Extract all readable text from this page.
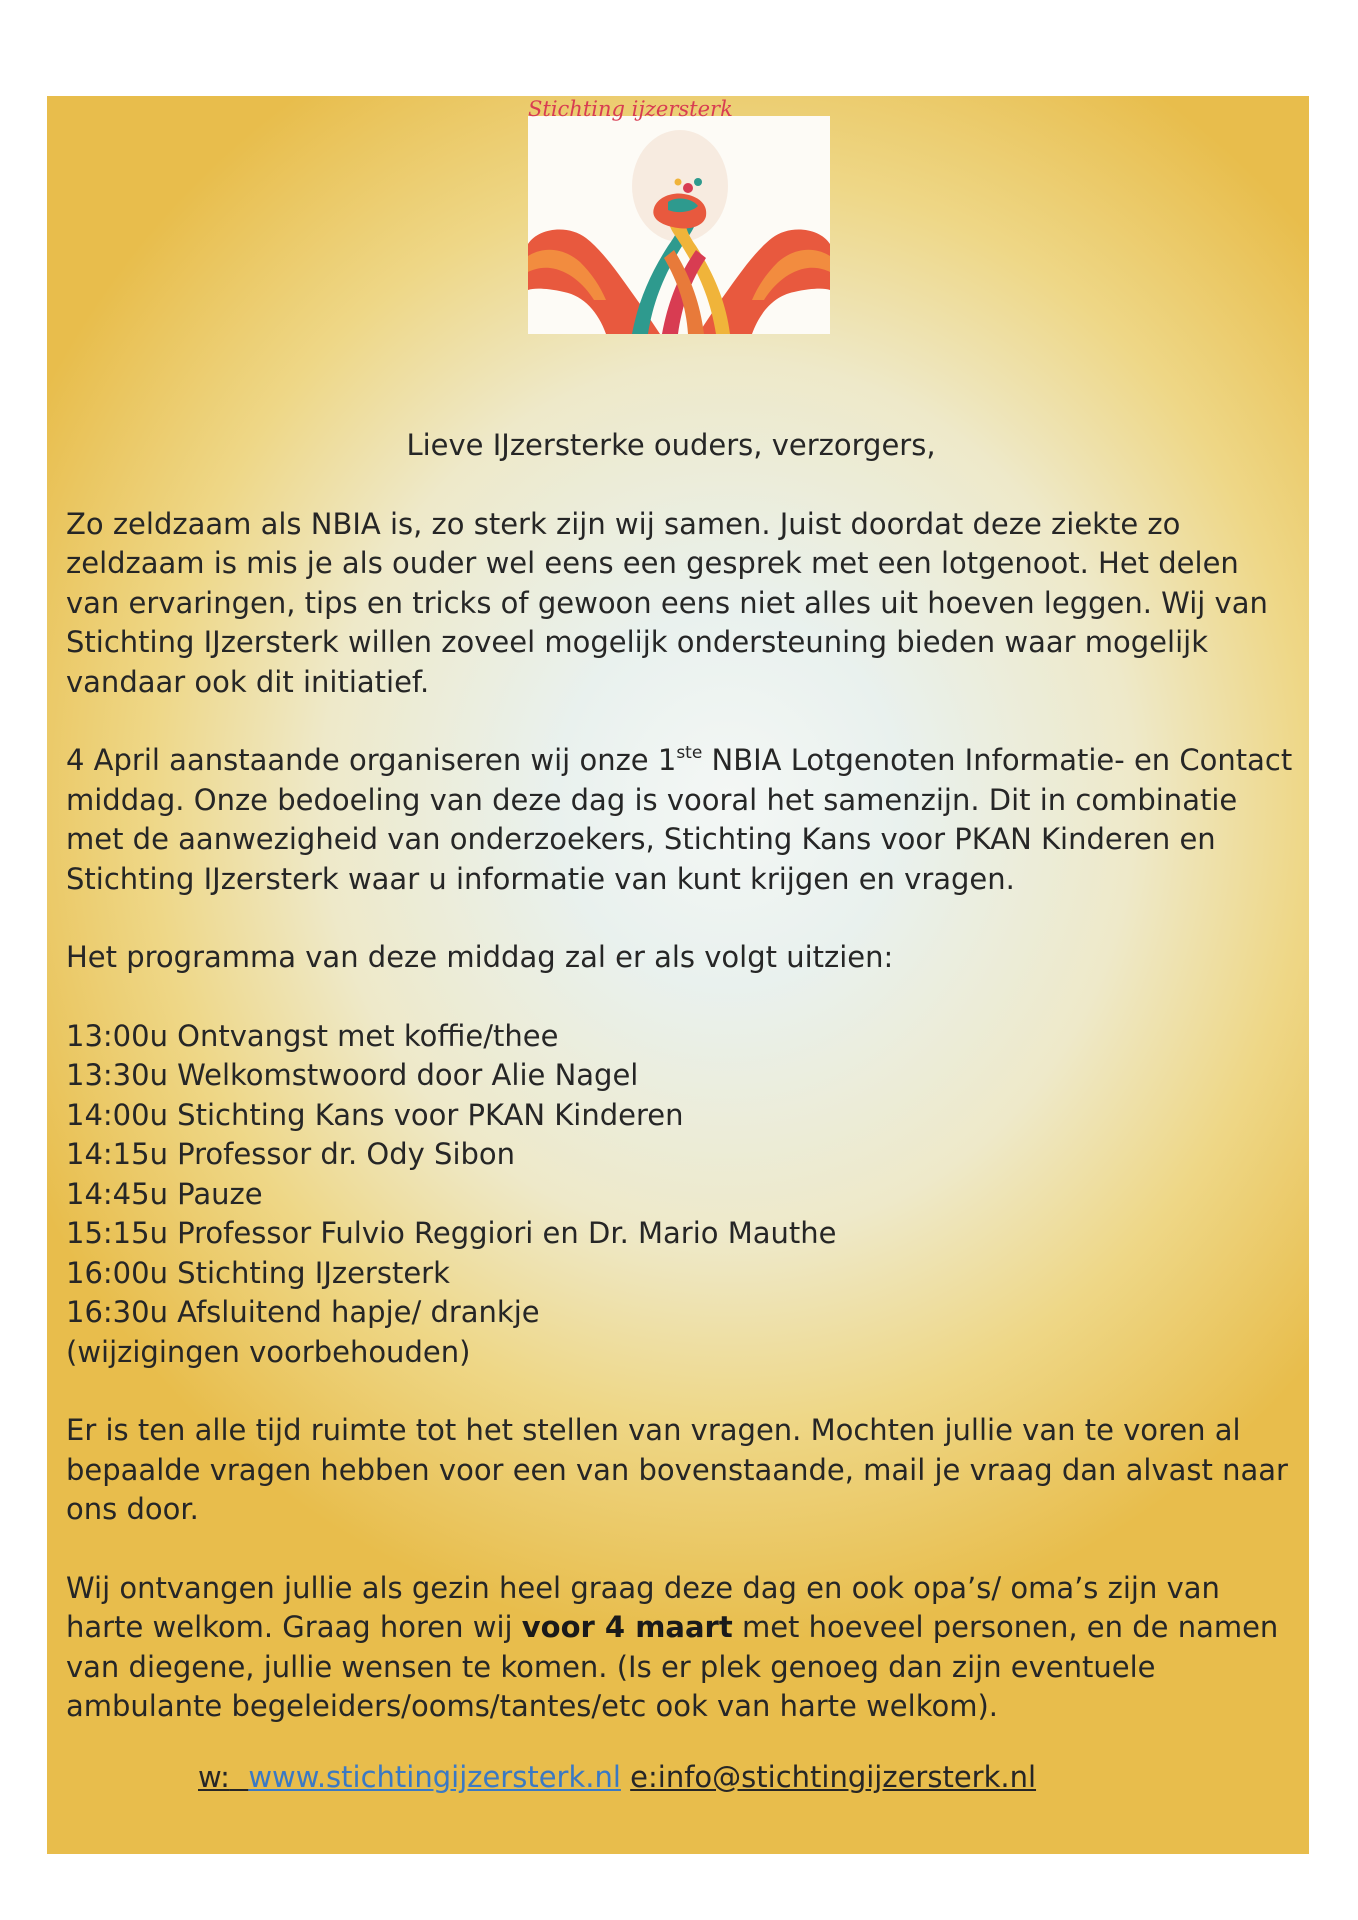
Stichting ijzersterk

Lieve IJzersterke ouders, verzorgers,

Zo zeldzaam als NBIA is, zo sterk zijn wij samen. Juist doordat deze ziekte zo zeldzaam is mis je als ouder wel eens een gesprek met een lotgenoot. Het delen van ervaringen, tips en tricks of gewoon eens niet alles uit hoeven leggen. Wij van Stichting IJzersterk willen zoveel mogelijk ondersteuning bieden waar mogelijk vandaar ook dit initiatief.

4 April aanstaande organiseren wij onze 1ste NBIA Lotgenoten Informatie- en Contact middag. Onze bedoeling van deze dag is vooral het samenzijn. Dit in combinatie met de aanwezigheid van onderzoekers, Stichting Kans voor PKAN Kinderen en Stichting IJzersterk waar u informatie van kunt krijgen en vragen.

Het programma van deze middag zal er als volgt uitzien:

13:00u Ontvangst met koffie/thee
13:30u Welkomstwoord door Alie Nagel
14:00u Stichting Kans voor PKAN Kinderen
14:15u Professor dr. Ody Sibon
14:45u Pauze
15:15u Professor Fulvio Reggiori en Dr. Mario Mauthe
16:00u Stichting IJzersterk
16:30u Afsluitend hapje/ drankje
(wijzigingen voorbehouden)

Er is ten alle tijd ruimte tot het stellen van vragen. Mochten jullie van te voren al bepaalde vragen hebben voor een van bovenstaande, mail je vraag dan alvast naar ons door.

Wij ontvangen jullie als gezin heel graag deze dag en ook opa’s/ oma’s zijn van harte welkom. Graag horen wij voor 4 maart met hoeveel personen, en de namen van diegene, jullie wensen te komen. (Is er plek genoeg dan zijn eventuele ambulante begeleiders/ooms/tantes/etc ook van harte welkom).

w: www.stichtingijzersterk.nl e:info@stichtingijzersterk.nl
